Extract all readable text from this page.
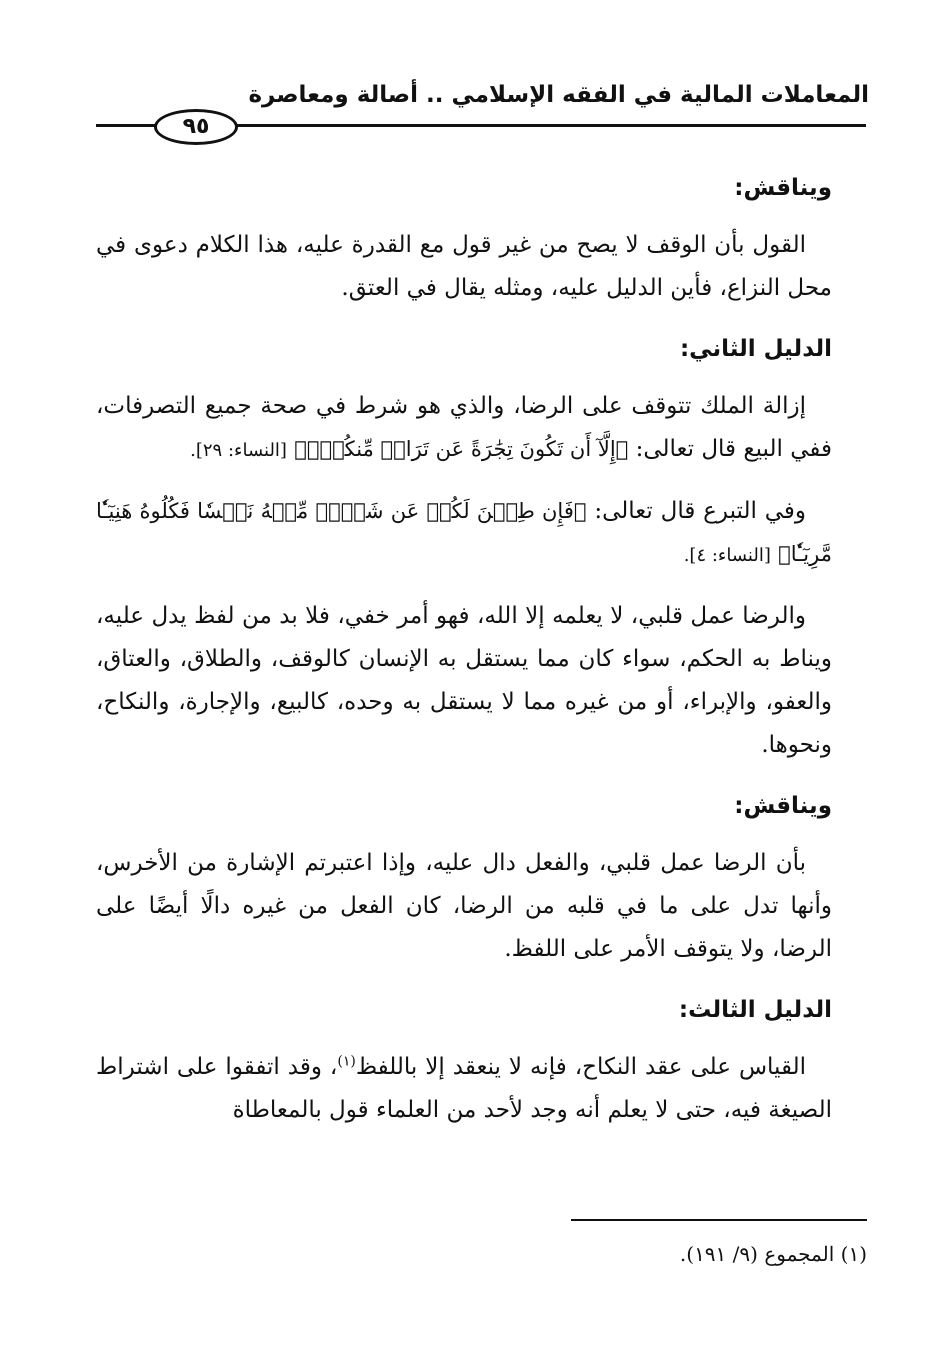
المعاملات المالية في الفقه الإسلامي .. أصالة ومعاصرة
٩٥
ويناقش:

القول بأن الوقف لا يصح من غير قول مع القدرة عليه، هذا الكلام دعوى في محل النزاع، فأين الدليل عليه، ومثله يقال في العتق.

الدليل الثاني:

إزالة الملك تتوقف على الرضا، والذي هو شرط في صحة جميع التصرفات، ففي البيع قال تعالى: ﴿إِلَّآ أَن تَكُونَ تِجَٰرَةً عَن تَرَاضٖ مِّنكُمۡۚ﴾ [النساء: ٢٩].

وفي التبرع قال تعالى: ﴿فَإِن طِبۡنَ لَكُمۡ عَن شَيۡءٖ مِّنۡهُ نَفۡسٗا فَكُلُوهُ هَنِيٓـٔٗا مَّرِيٓـٔٗا﴾ [النساء: ٤].

والرضا عمل قلبي، لا يعلمه إلا الله، فهو أمر خفي، فلا بد من لفظ يدل عليه، ويناط به الحكم، سواء كان مما يستقل به الإنسان كالوقف، والطلاق، والعتاق، والعفو، والإبراء، أو من غيره مما لا يستقل به وحده، كالبيع، والإجارة، والنكاح، ونحوها.

ويناقش:

بأن الرضا عمل قلبي، والفعل دال عليه، وإذا اعتبرتم الإشارة من الأخرس، وأنها تدل على ما في قلبه من الرضا، كان الفعل من غيره دالًا أيضًا على الرضا، ولا يتوقف الأمر على اللفظ.

الدليل الثالث:

القياس على عقد النكاح، فإنه لا ينعقد إلا باللفظ$^{(١)}$، وقد اتفقوا على اشتراط الصيغة فيه، حتى لا يعلم أنه وجد لأحد من العلماء قول بالمعاطاة

(١) المجموع (٩/ ١٩١).
